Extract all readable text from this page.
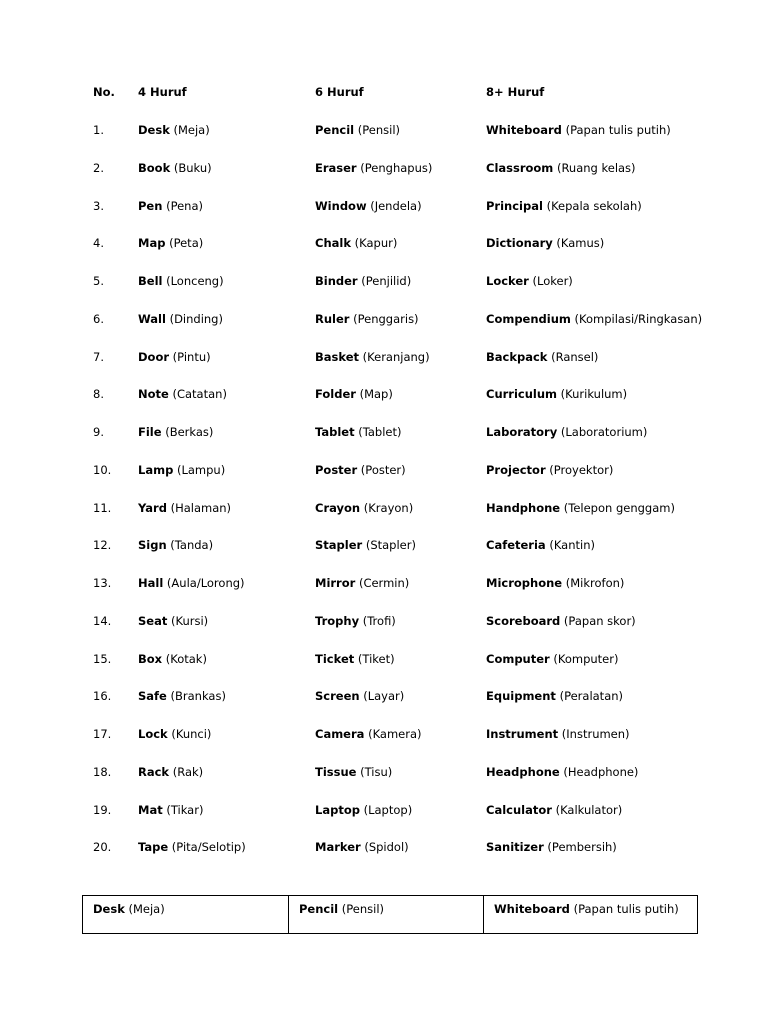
No. 4 Huruf	6 Huruf	8+ Huruf
1.	Desk (Meja)	Pencil (Pensil)	Whiteboard (Papan tulis putih)
2.	Book (Buku)	Eraser (Penghapus)	Classroom (Ruang kelas)
3.	Pen (Pena)	Window (Jendela)	Principal (Kepala sekolah)
4.	Map (Peta)	Chalk (Kapur)	Dictionary (Kamus)
5.	Bell (Lonceng)	Binder (Penjilid)	Locker (Loker)
6.	Wall (Dinding)	Ruler (Penggaris)	Compendium (Kompilasi/Ringkasan)
7.	Door (Pintu)	Basket (Keranjang)	Backpack (Ransel)
8.	Note (Catatan)	Folder (Map)	Curriculum (Kurikulum)
9.	File (Berkas)	Tablet (Tablet)	Laboratory (Laboratorium)
10. Lamp (Lampu)	Poster (Poster)	Projector (Proyektor)
11. Yard (Halaman)	Crayon (Krayon)	Handphone (Telepon genggam)
12. Sign (Tanda)	Stapler (Stapler)	Cafeteria (Kantin)
13. Hall (Aula/Lorong)	Mirror (Cermin)	Microphone (Mikrofon)
14. Seat (Kursi)	Trophy (Trofi)	Scoreboard (Papan skor)
15. Box (Kotak)	Ticket (Tiket)	Computer (Komputer)
16. Safe (Brankas)	Screen (Layar)	Equipment (Peralatan)
17. Lock (Kunci)	Camera (Kamera)	Instrument (Instrumen)
18. Rack (Rak)	Tissue (Tisu)	Headphone (Headphone)
19. Mat (Tikar)	Laptop (Laptop)	Calculator (Kalkulator)
20. Tape (Pita/Selotip)	Marker (Spidol)	Sanitizer (Pembersih)
Desk (Meja)	Pencil (Pensil)	Whiteboard (Papan tulis putih)
